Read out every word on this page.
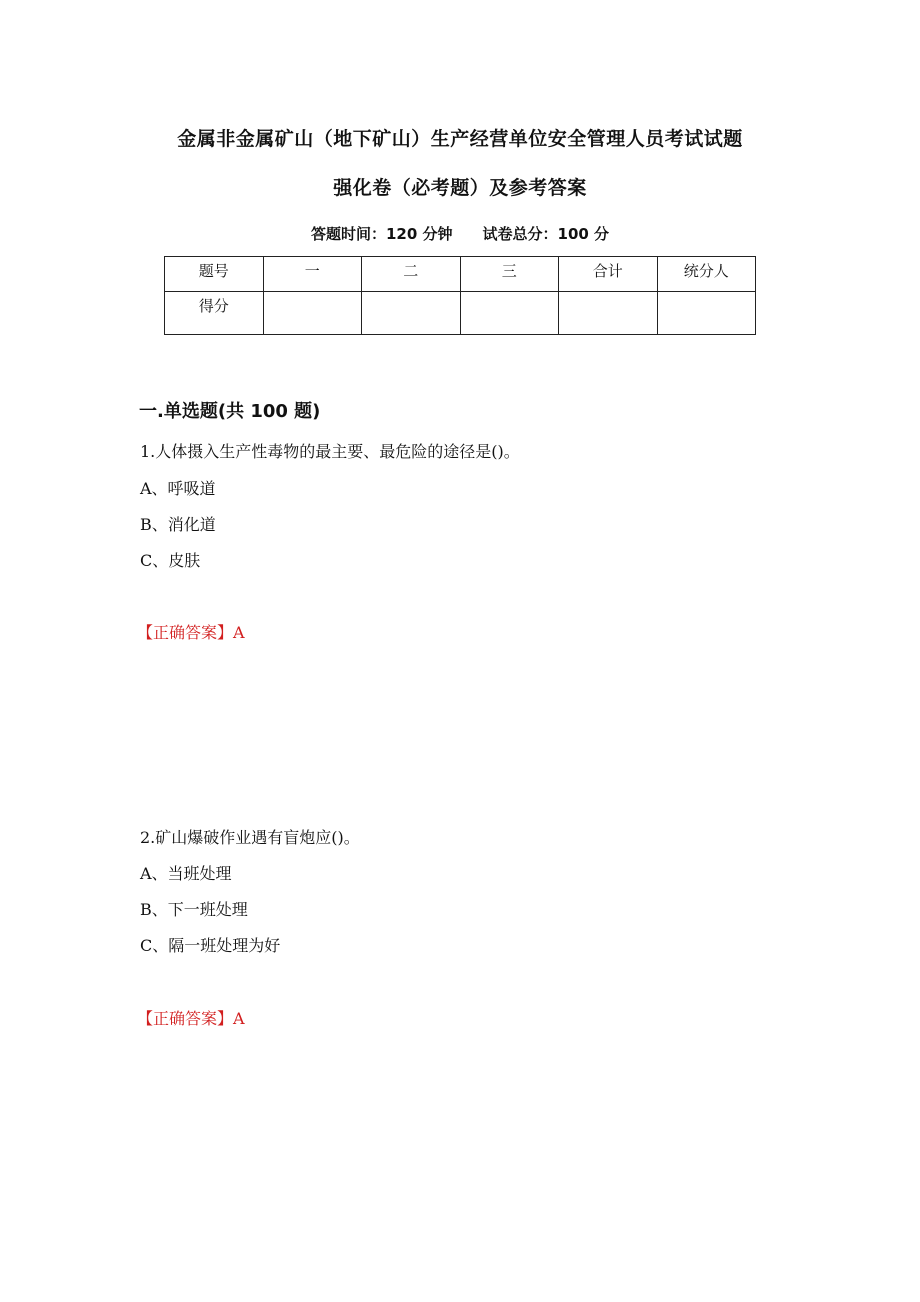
金属非金属矿山（地下矿山）生产经营单位安全管理人员考试试题
强化卷（必考题）及参考答案
答题时间：120 分钟 试卷总分：100 分
题号	一	二	三	合计	统分人
得分					
一.单选题(共 100 题)
1.人体摄入生产性毒物的最主要、最危险的途径是()。
A、呼吸道
B、消化道
C、皮肤
【正确答案】A
2.矿山爆破作业遇有盲炮应()。
A、当班处理
B、下一班处理
C、隔一班处理为好
【正确答案】A
